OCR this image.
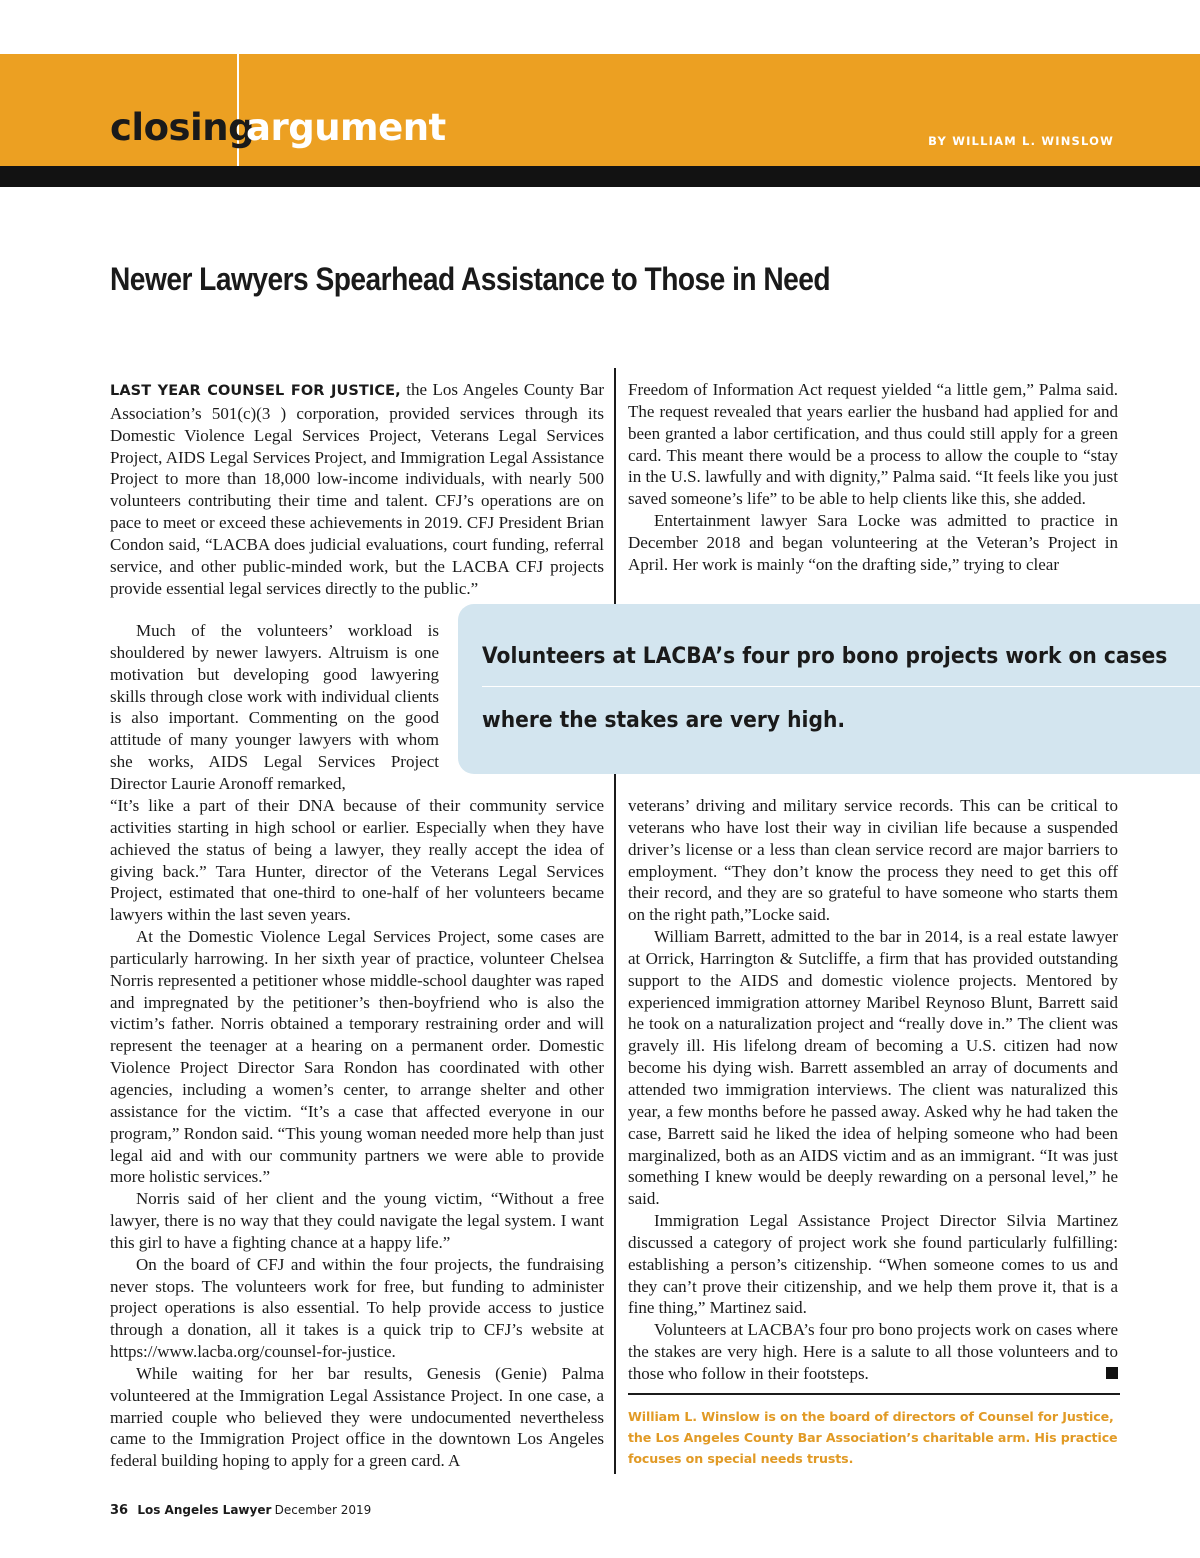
closing
argument	BY WILLIAM L. WINSLOW
Newer Lawyers Spearhead Assistance to Those in Need

LAST YEAR COUNSEL FOR JUSTICE, the Los Angeles County Bar Association’s 501(c)(3 ) corporation, provided services through its Domestic Violence Legal Services Project, Veterans Legal Services Project, AIDS Legal Services Project, and Immigration Legal Assistance Project to more than 18,000 low-income individuals, with nearly 500 volunteers contributing their time and talent. CFJ’s operations are on pace to meet or exceed these achievements in 2019. CFJ President Brian Condon said, “LACBA does judicial evaluations, court funding, referral service, and other public-minded work, but the LACBA CFJ projects provide essential legal services directly to the public.”

Much of the volunteers’ workload is shouldered by newer lawyers. Altruism is one motivation but developing good lawyering skills through close work with individual clients is also important. Commenting on the good attitude of many younger lawyers with whom she works, AIDS Legal Services Project Director Laurie Aronoff remarked,

“It’s like a part of their DNA because of their community service activities starting in high school or earlier. Especially when they have achieved the status of being a lawyer, they really accept the idea of giving back.” Tara Hunter, director of the Veterans Legal Services Project, estimated that one-third to one-half of her volunteers became lawyers within the last seven years.

At the Domestic Violence Legal Services Project, some cases are particularly harrowing. In her sixth year of practice, volunteer Chelsea Norris represented a petitioner whose middle-school daughter was raped and impregnated by the petitioner’s then-boyfriend who is also the victim’s father. Norris obtained a temporary restraining order and will represent the teenager at a hearing on a permanent order. Domestic Violence Project Director Sara Rondon has coordinated with other agencies, including a women’s center, to arrange shelter and other assistance for the victim. “It’s a case that affected everyone in our program,” Rondon said. “This young woman needed more help than just legal aid and with our community partners we were able to provide more holistic services.”

Norris said of her client and the young victim, “Without a free lawyer, there is no way that they could navigate the legal system. I want this girl to have a fighting chance at a happy life.”

On the board of CFJ and within the four projects, the fundraising never stops. The volunteers work for free, but funding to administer project operations is also essential. To help provide access to justice through a donation, all it takes is a quick trip to CFJ’s website at https://www.lacba.org/counsel-for-justice.

While waiting for her bar results, Genesis (Genie) Palma volunteered at the Immigration Legal Assistance Project. In one case, a married couple who believed they were undocumented nevertheless came to the Immigration Project office in the downtown Los Angeles federal building hoping to apply for a green card. A

Freedom of Information Act request yielded “a little gem,” Palma said. The request revealed that years earlier the husband had applied for and been granted a labor certification, and thus could still apply for a green card. This meant there would be a process to allow the couple to “stay in the U.S. lawfully and with dignity,” Palma said. “It feels like you just saved someone’s life” to be able to help clients like this, she added.

Entertainment lawyer Sara Locke was admitted to practice in December 2018 and began volunteering at the Veteran’s Project in April. Her work is mainly “on the drafting side,” trying to clear

Volunteers at LACBA’s four pro bono projects work on cases

where the stakes are very high.

veterans’ driving and military service records. This can be critical to veterans who have lost their way in civilian life because a suspended driver’s license or a less than clean service record are major barriers to employment. “They don’t know the process they need to get this off their record, and they are so grateful to have someone who starts them on the right path,”Locke said.

William Barrett, admitted to the bar in 2014, is a real estate lawyer at Orrick, Harrington & Sutcliffe, a firm that has provided outstanding support to the AIDS and domestic violence projects. Mentored by experienced immigration attorney Maribel Reynoso Blunt, Barrett said he took on a naturalization project and “really dove in.” The client was gravely ill. His lifelong dream of becoming a U.S. citizen had now become his dying wish. Barrett assembled an array of documents and attended two immigration interviews. The client was naturalized this year, a few months before he passed away. Asked why he had taken the case, Barrett said he liked the idea of helping someone who had been marginalized, both as an AIDS victim and as an immigrant. “It was just something I knew would be deeply rewarding on a personal level,” he said.

Immigration Legal Assistance Project Director Silvia Martinez discussed a category of project work she found particularly fulfilling: establishing a person’s citizenship. “When someone comes to us and they can’t prove their citizenship, and we help them prove it, that is a fine thing,” Martinez said.

Volunteers at LACBA’s four pro bono projects work on cases where the stakes are very high. Here is a salute to all those volunteers and to those who follow in their footsteps.

William L. Winslow is on the board of directors of Counsel for Justice, the Los Angeles County Bar Association’s charitable arm. His practice focuses on special needs trusts.
36 Los Angeles Lawyer December 2019
